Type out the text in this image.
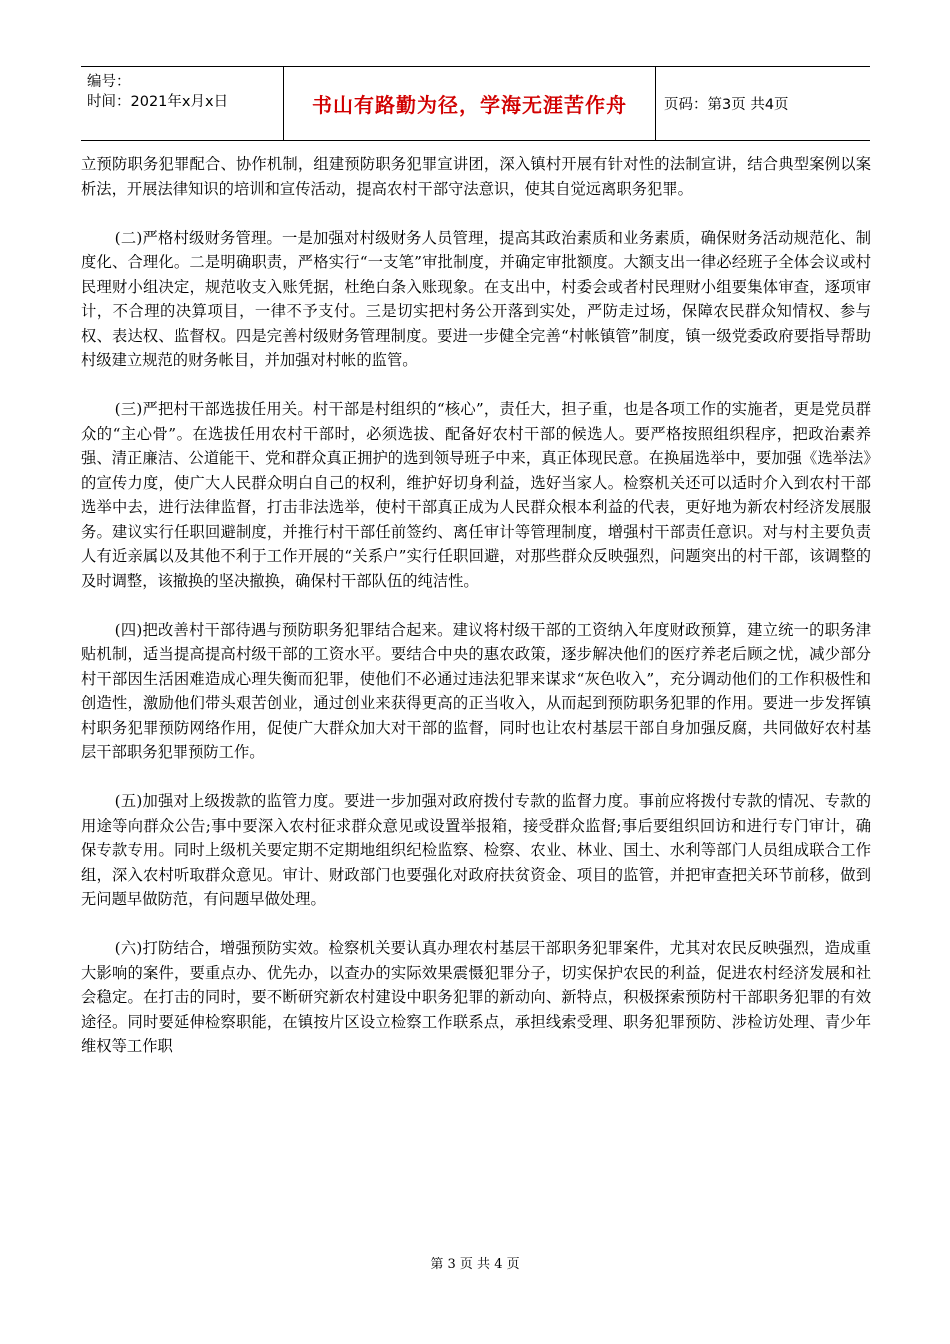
编号：
时间：2021年x月x日	书山有路勤为径，学海无涯苦作舟	页码：第3页 共4页

立预防职务犯罪配合、协作机制，组建预防职务犯罪宣讲团，深入镇村开展有针对性的法制宣讲，结合典型案例以案析法，开展法律知识的培训和宣传活动，提高农村干部守法意识，使其自觉远离职务犯罪。

(二)严格村级财务管理。一是加强对村级财务人员管理，提高其政治素质和业务素质，确保财务活动规范化、制度化、合理化。二是明确职责，严格实行“一支笔”审批制度，并确定审批额度。大额支出一律必经班子全体会议或村民理财小组决定，规范收支入账凭据，杜绝白条入账现象。在支出中，村委会或者村民理财小组要集体审查，逐项审计，不合理的决算项目，一律不予支付。三是切实把村务公开落到实处，严防走过场，保障农民群众知情权、参与权、表达权、监督权。四是完善村级财务管理制度。要进一步健全完善“村帐镇管”制度，镇一级党委政府要指导帮助村级建立规范的财务帐目，并加强对村帐的监管。

(三)严把村干部选拔任用关。村干部是村组织的“核心”，责任大，担子重，也是各项工作的实施者，更是党员群众的“主心骨”。在选拔任用农村干部时，必须选拔、配备好农村干部的候选人。要严格按照组织程序，把政治素养强、清正廉洁、公道能干、党和群众真正拥护的选到领导班子中来，真正体现民意。在换届选举中，要加强《选举法》的宣传力度，使广大人民群众明白自己的权利，维护好切身利益，选好当家人。检察机关还可以适时介入到农村干部选举中去，进行法律监督，打击非法选举，使村干部真正成为人民群众根本利益的代表，更好地为新农村经济发展服务。建议实行任职回避制度，并推行村干部任前签约、离任审计等管理制度，增强村干部责任意识。对与村主要负责人有近亲属以及其他不利于工作开展的“关系户”实行任职回避，对那些群众反映强烈，问题突出的村干部，该调整的及时调整，该撤换的坚决撤换，确保村干部队伍的纯洁性。

(四)把改善村干部待遇与预防职务犯罪结合起来。建议将村级干部的工资纳入年度财政预算，建立统一的职务津贴机制，适当提高提高村级干部的工资水平。要结合中央的惠农政策，逐步解决他们的医疗养老后顾之忧，减少部分村干部因生活困难造成心理失衡而犯罪，使他们不必通过违法犯罪来谋求“灰色收入”，充分调动他们的工作积极性和创造性，激励他们带头艰苦创业，通过创业来获得更高的正当收入，从而起到预防职务犯罪的作用。要进一步发挥镇村职务犯罪预防网络作用，促使广大群众加大对干部的监督，同时也让农村基层干部自身加强反腐，共同做好农村基层干部职务犯罪预防工作。

(五)加强对上级拨款的监管力度。要进一步加强对政府拨付专款的监督力度。事前应将拨付专款的情况、专款的用途等向群众公告;事中要深入农村征求群众意见或设置举报箱，接受群众监督;事后要组织回访和进行专门审计，确保专款专用。同时上级机关要定期不定期地组织纪检监察、检察、农业、林业、国土、水利等部门人员组成联合工作组，深入农村听取群众意见。审计、财政部门也要强化对政府扶贫资金、项目的监管，并把审查把关环节前移，做到无问题早做防范，有问题早做处理。

(六)打防结合，增强预防实效。检察机关要认真办理农村基层干部职务犯罪案件，尤其对农民反映强烈，造成重大影响的案件，要重点办、优先办，以查办的实际效果震慑犯罪分子，切实保护农民的利益，促进农村经济发展和社会稳定。在打击的同时，要不断研究新农村建设中职务犯罪的新动向、新特点，积极探索预防村干部职务犯罪的有效途径。同时要延伸检察职能，在镇按片区设立检察工作联系点，承担线索受理、职务犯罪预防、涉检访处理、青少年维权等工作职

第 3 页 共 4 页
